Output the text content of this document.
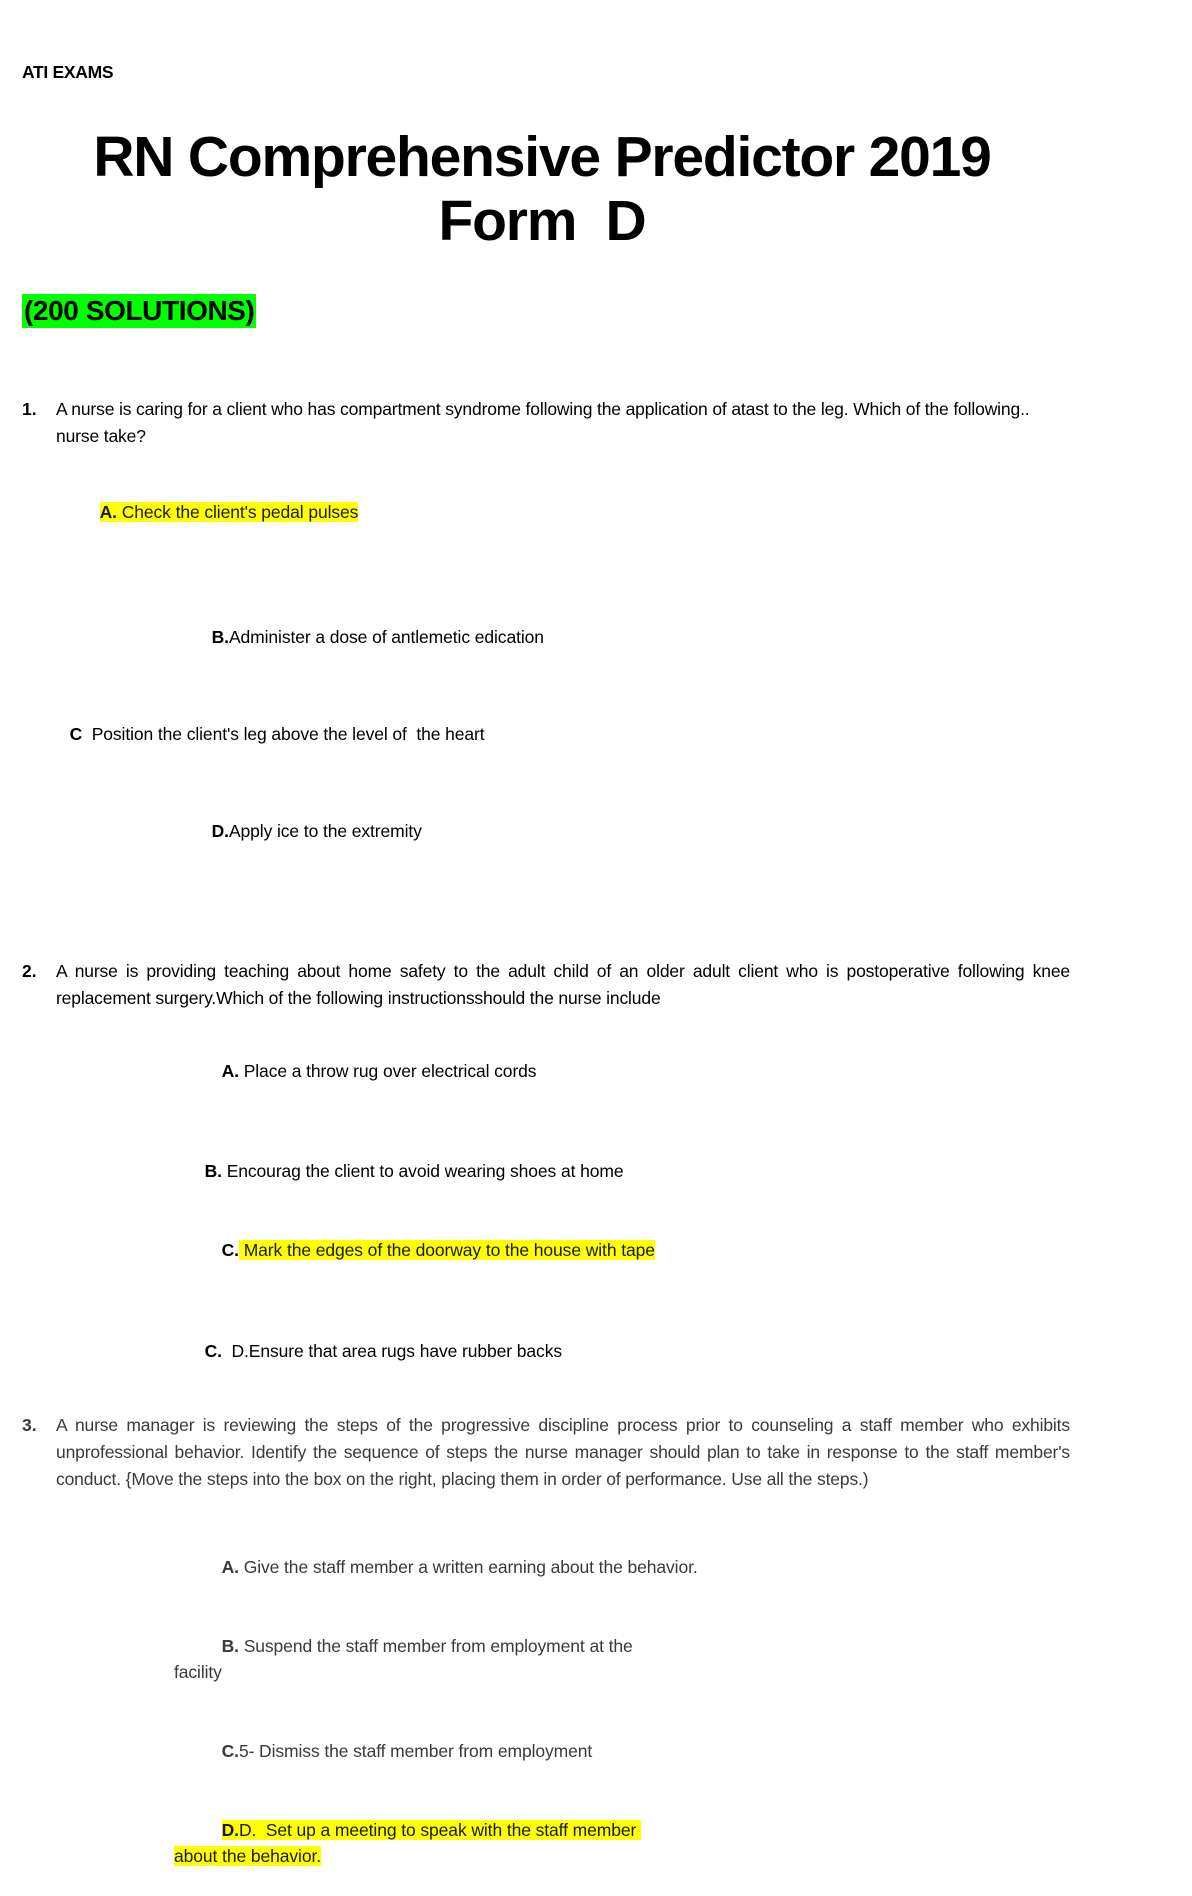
ATI EXAMS
RN Comprehensive Predictor 2019
Form  D
(200 SOLUTIONS)
1.	A nurse is caring for a client who has compartment syndrome following the application of atast to the leg. Which of the following.. nurse take?

A. Check the client's pedal pulses

B.Administer a dose of antlemetic edication

C  Position the client's leg above the level of  the heart

D.Apply ice to the extremity

2.	A nurse is providing teaching about home safety to the adult child of an older adult client who is postoperative following knee replacement surgery.Which of the following instructionsshould the nurse include

A. Place a throw rug over electrical cords

B. Encourag the client to avoid wearing shoes at home

C. Mark the edges of the doorway to the house with tape

C.  D.Ensure that area rugs have rubber backs

3.	A nurse manager is reviewing the steps of the progressive discipline process prior to counseling a staff member who exhibits unprofessional behavior. Identify the sequence of steps the nurse manager should plan to take in response to the staff member's conduct. {Move the steps into the box on the right, placing them in order of performance. Use all the steps.)

A. Give the staff member a written earning about the behavior.

B. Suspend the staff member from employment at the facility

C.5- Dismiss the staff member from employment

D.D.  Set up a meeting to speak with the staff member about the behavior.
